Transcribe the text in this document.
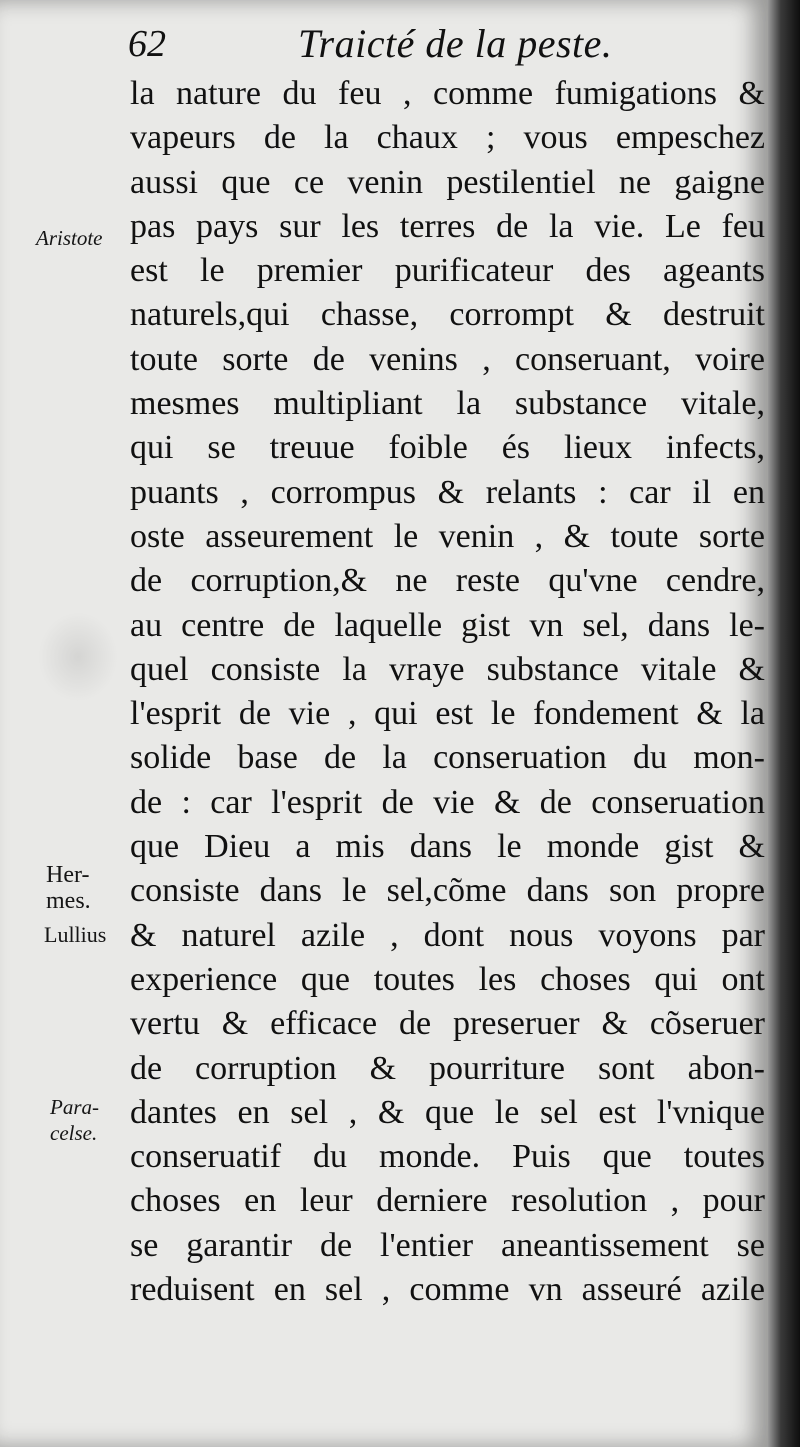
62	Traicté de la peste.
Aristote
Her-
mes.
Lullius
Para-
celse.
la nature du feu , comme fumigations &
vapeurs de la chaux ; vous empeschez
aussi que ce venin pestilentiel ne gaigne
pas pays sur les terres de la vie. Le feu
est le premier purificateur des ageants
naturels,qui chasse, corrompt & destruit
toute sorte de venins , conseruant, voire
mesmes multipliant la substance vitale,
qui se treuue foible és lieux infects,
puants , corrompus & relants : car il en
oste asseurement le venin , & toute sorte
de corruption,& ne reste qu'vne cendre,
au centre de laquelle gist vn sel, dans le-
quel consiste la vraye substance vitale &
l'esprit de vie , qui est le fondement & la
solide base de la conseruation du mon-
de : car l'esprit de vie & de conseruation
que Dieu a mis dans le monde gist &
consiste dans le sel,cõme dans son propre
& naturel azile , dont nous voyons par
experience que toutes les choses qui ont
vertu & efficace de preseruer & cõseruer
de corruption & pourriture sont abon-
dantes en sel , & que le sel est l'vnique
conseruatif du monde. Puis que toutes
choses en leur derniere resolution , pour
se garantir de l'entier aneantissement se
reduisent en sel , comme vn asseuré azile
